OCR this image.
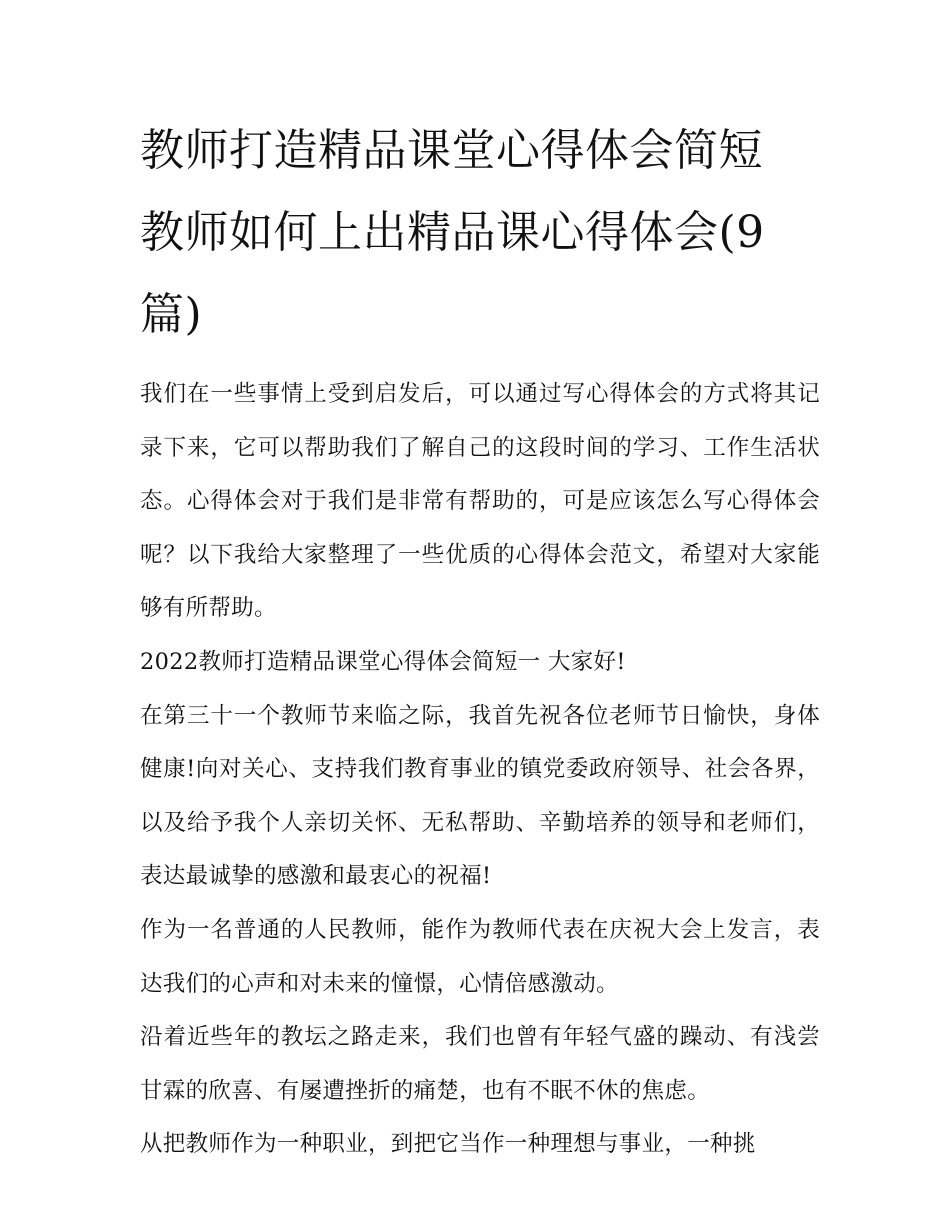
教师打造精品课堂心得体会简短 教师如何上出精品课心得体会(9篇)

我们在一些事情上受到启发后，可以通过写心得体会的方式将其记录下来，它可以帮助我们了解自己的这段时间的学习、工作生活状态。心得体会对于我们是非常有帮助的，可是应该怎么写心得体会呢？以下我给大家整理了一些优质的心得体会范文，希望对大家能够有所帮助。

2022教师打造精品课堂心得体会简短一 大家好!

在第三十一个教师节来临之际，我首先祝各位老师节日愉快，身体健康!向对关心、支持我们教育事业的镇党委政府领导、社会各界，以及给予我个人亲切关怀、无私帮助、辛勤培养的领导和老师们，表达最诚挚的感激和最衷心的祝福!

作为一名普通的人民教师，能作为教师代表在庆祝大会上发言，表达我们的心声和对未来的憧憬，心情倍感激动。

沿着近些年的教坛之路走来，我们也曾有年轻气盛的躁动、有浅尝甘霖的欣喜、有屡遭挫折的痛楚，也有不眠不休的焦虑。

从把教师作为一种职业，到把它当作一种理想与事业，一种挑
